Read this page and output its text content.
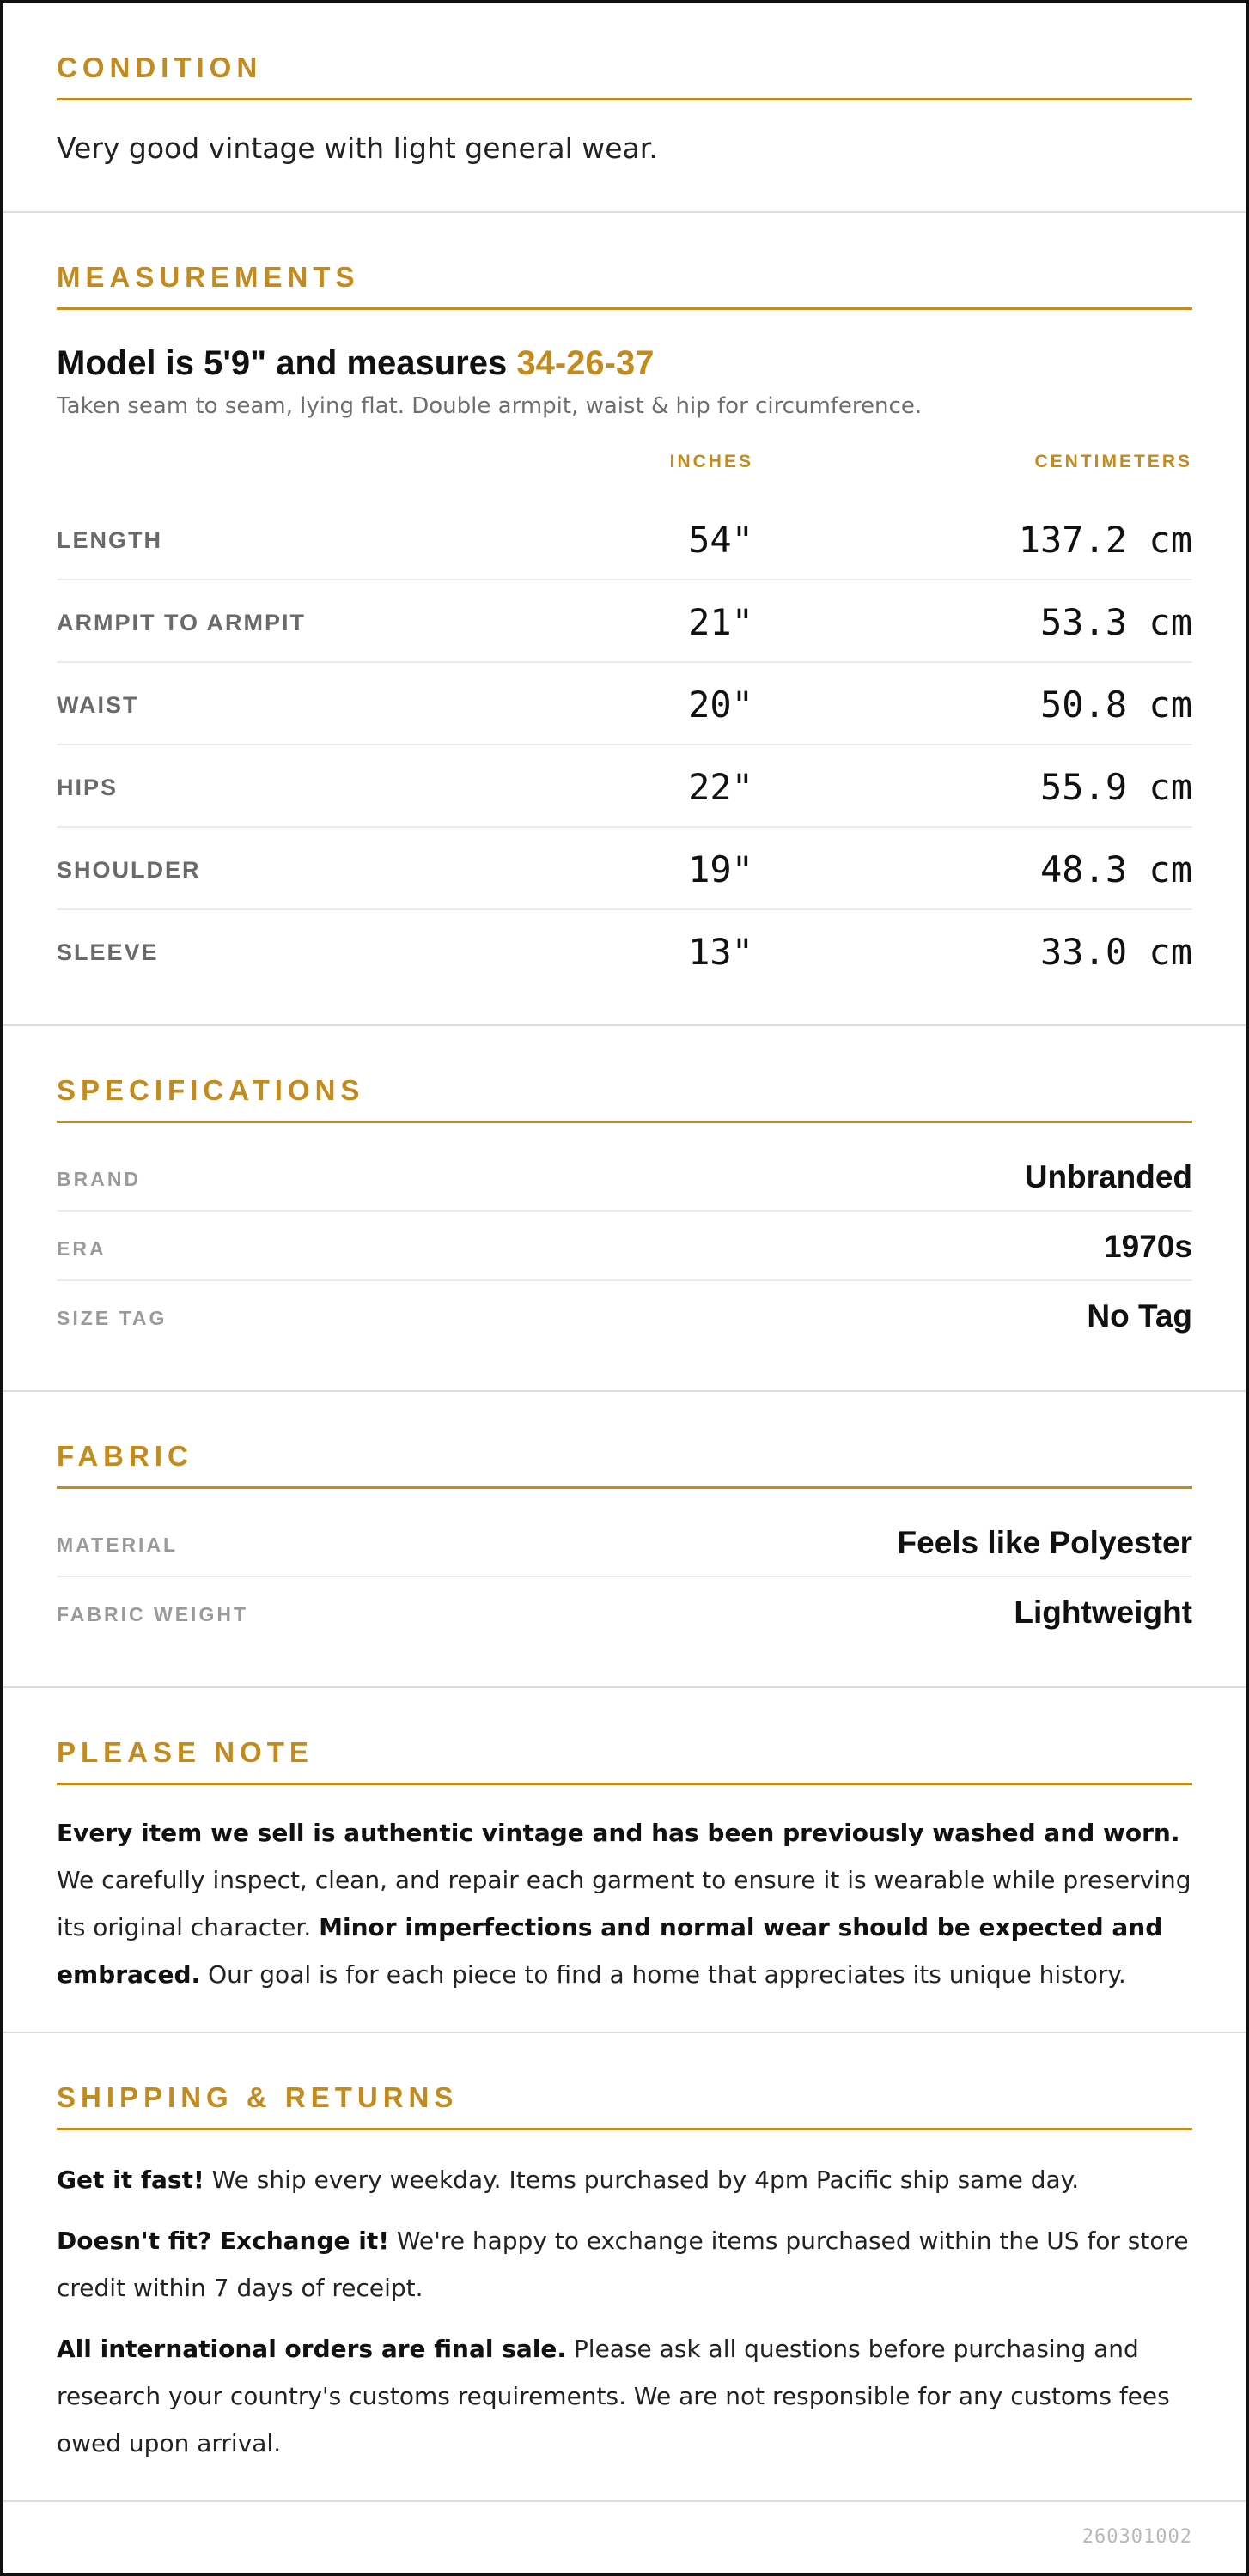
CONDITION
Very good vintage with light general wear.
MEASUREMENTS
Model is 5'9" and measures 34-26-37
Taken seam to seam, lying flat. Double armpit, waist & hip for circumference.
INCHES	CENTIMETERS
LENGTH	54"	137.2 cm
ARMPIT TO ARMPIT	21"	53.3 cm
WAIST	20"	50.8 cm
HIPS	22"	55.9 cm
SHOULDER	19"	48.3 cm
SLEEVE	13"	33.0 cm
SPECIFICATIONS
BRAND	Unbranded
ERA	1970s
SIZE TAG	No Tag
FABRIC
MATERIAL	Feels like Polyester
FABRIC WEIGHT	Lightweight
PLEASE NOTE

Every item we sell is authentic vintage and has been previously washed and worn. We carefully inspect, clean, and repair each garment to ensure it is wearable while preserving its original character. Minor imperfections and normal wear should be expected and embraced. Our goal is for each piece to find a home that appreciates its unique history.

SHIPPING & RETURNS

Get it fast! We ship every weekday. Items purchased by 4pm Pacific ship same day.

Doesn't fit? Exchange it! We're happy to exchange items purchased within the US for store credit within 7 days of receipt.

All international orders are final sale. Please ask all questions before purchasing and research your country's customs requirements. We are not responsible for any customs fees owed upon arrival.

260301002
